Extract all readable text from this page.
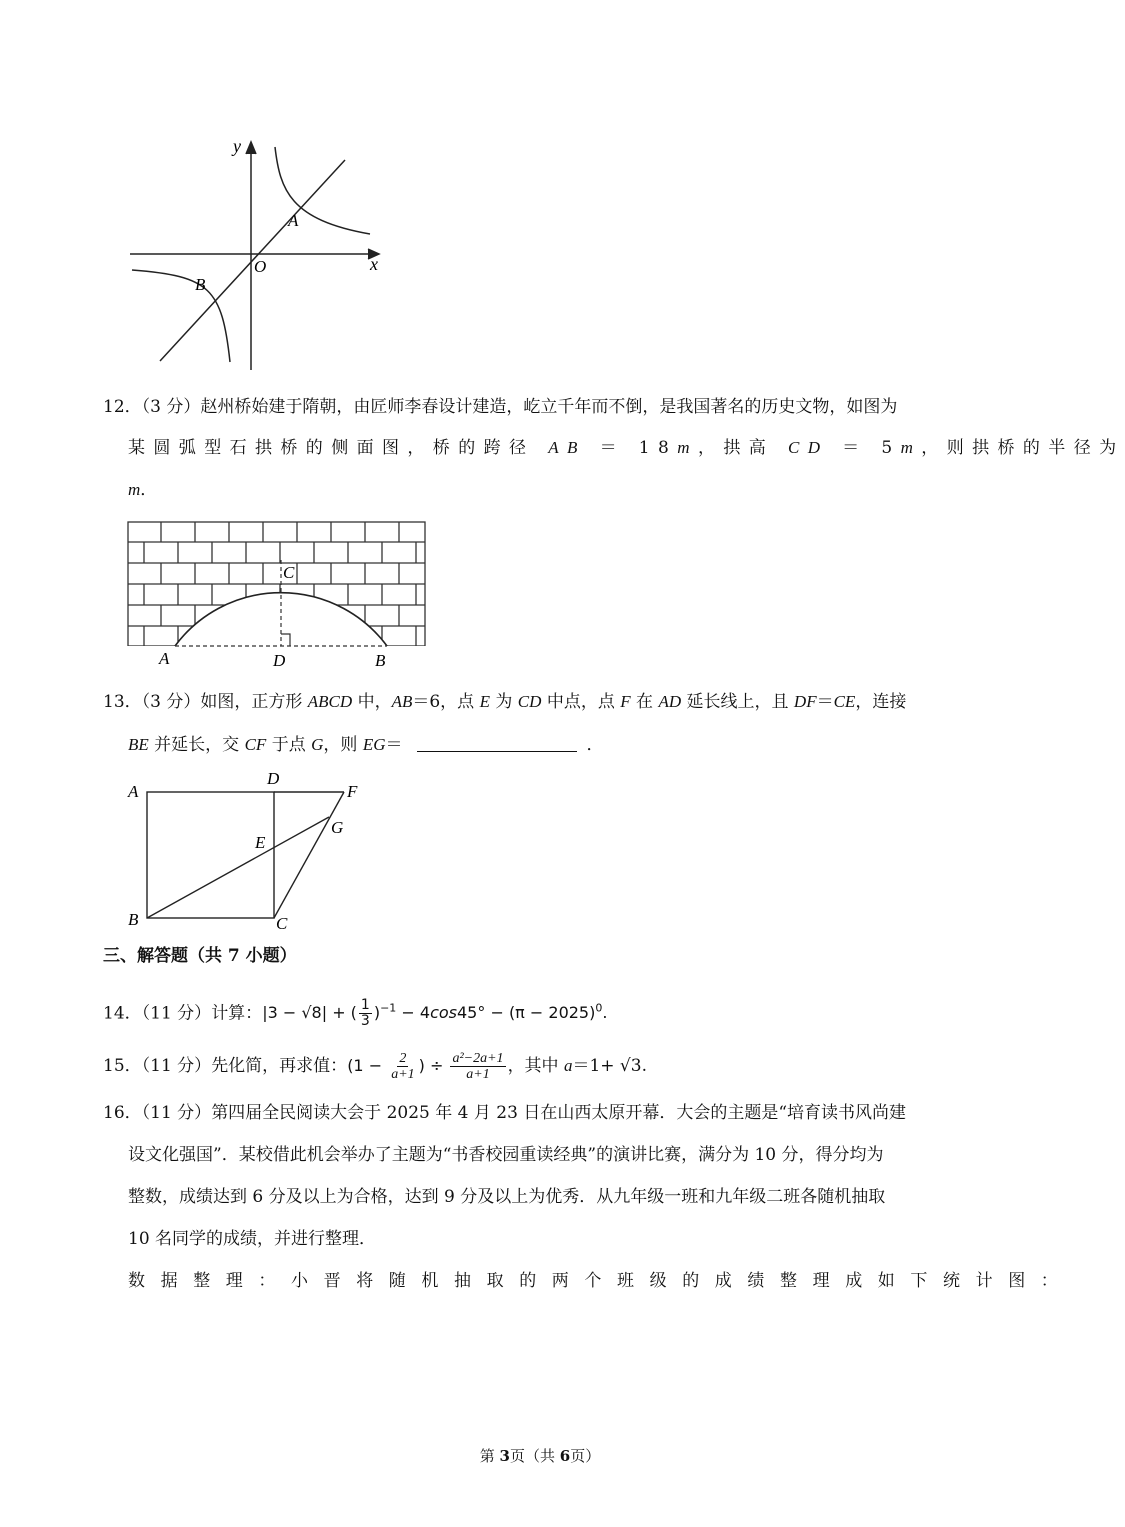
y
x
O
A
B
12．（3 分）赵州桥始建于隋朝，由匠师李春设计建造，屹立千年而不倒，是我国著名的历史文物，如图为
某圆弧型石拱桥的侧面图，桥的跨径 AB ＝ 18m，拱高 CD ＝ 5m，则拱桥的半径为
m．
C
A	D	B
13．（3 分）如图，正方形 ABCD 中，AB＝6，点 E 为 CD 中点，点 F 在 AD 延长线上，且 DF＝CE，连接
BE 并延长，交 CF 于点 G，则 EG＝	．
A
D
F
G
E
B	C
三、解答题（共 7 小题）
14．（11 分）计算：|3 − √8| + ( $\frac{1}{3} )^{-1} - 4\cos 45^\circ - (\pi - 2025)^0$.
15．（11 分）先化简，再求值：($1 - \frac{2}{a+1}$ ) ÷ $\frac{\text{a²−2a+1}}{a+1}$ ，其中 a＝1+ √3.
16．（11 分）第四届全民阅读大会于 2025 年 4 月 23 日在山西太原开幕．大会的主题是“培育读书风尚建
设文化强国”．某校借此机会举办了主题为“书香校园重读经典”的演讲比赛，满分为 10 分，得分均为
整数，成绩达到 6 分及以上为合格，达到 9 分及以上为优秀．从九年级一班和九年级二班各随机抽取
10 名同学的成绩，并进行整理．
数据整理：小晋将随机抽取的两个班级的成绩整理成如下统计图：
第 3页（共 6页）
